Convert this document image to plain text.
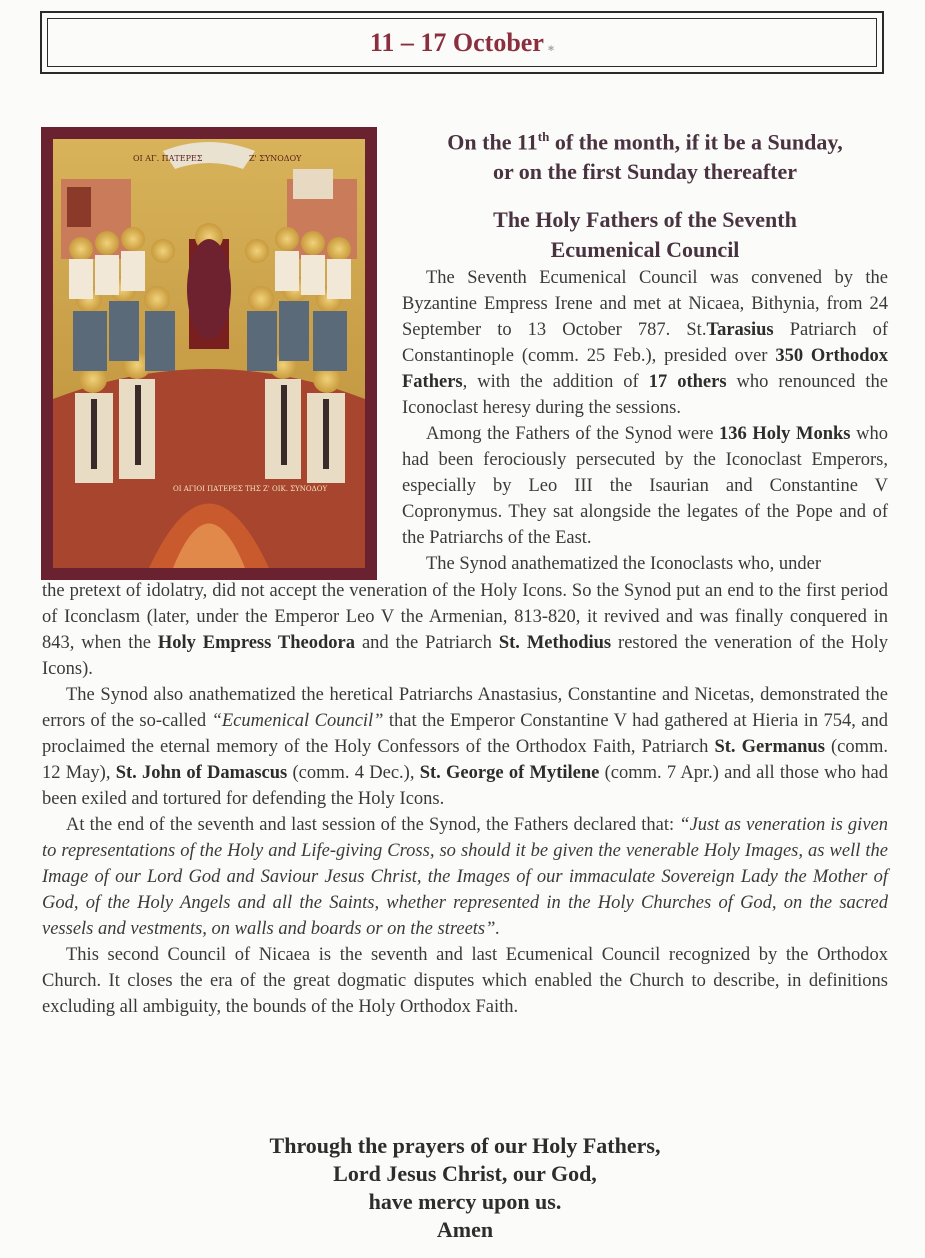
11 – 17 October ⁎
ΟΙ ΑΓ. ΠΑΤΕΡΕΣ	Ζ' ΣΥΝΟΔΟΥ
ΟΙ ΑΓΙΟΙ ΠΑΤΕΡΕΣ ΤΗΣ Ζ' ΟΙΚ. ΣΥΝΟΔΟΥ

On the 11th of the month, if it be a Sunday,
or on the first Sunday thereafter

The Holy Fathers of the Seventh
Ecumenical Council

The Seventh Ecumenical Council was convened by the Byzantine Empress Irene and met at Nicaea, Bithynia, from 24 September to 13 October 787. St.Tarasius Patriarch of Constantinople (comm. 25 Feb.), presided over 350 Orthodox Fathers, with the addition of 17 others who renounced the Iconoclast heresy during the sessions.

Among the Fathers of the Synod were 136 Holy Monks who had been ferociously persecuted by the Iconoclast Emperors, especially by Leo III the Isaurian and Constantine V Copronymus. They sat alongside the legates of the Pope and of the Patriarchs of the East.

The Synod anathematized the Iconoclasts who, under

the pretext of idolatry, did not accept the veneration of the Holy Icons. So the Synod put an end to the first period of Iconclasm (later, under the Emperor Leo V the Armenian, 813-820, it revived and was finally conquered in 843, when the Holy Empress Theodora and the Patriarch St. Methodius restored the veneration of the Holy Icons).

The Synod also anathematized the heretical Patriarchs Anastasius, Constantine and Nicetas, demonstrated the errors of the so-called “Ecumenical Council” that the Emperor Constantine V had gathered at Hieria in 754, and proclaimed the eternal memory of the Holy Confessors of the Orthodox Faith, Patriarch St. Germanus (comm. 12 May), St. John of Damascus (comm. 4 Dec.), St. George of Mytilene (comm. 7 Apr.) and all those who had been exiled and tortured for defending the Holy Icons.

At the end of the seventh and last session of the Synod, the Fathers declared that: “Just as veneration is given to representations of the Holy and Life-giving Cross, so should it be given the venerable Holy Images, as well the Image of our Lord God and Saviour Jesus Christ, the Images of our immaculate Sovereign Lady the Mother of God, of the Holy Angels and all the Saints, whether represented in the Holy Churches of God, on the sacred vessels and vestments, on walls and boards or on the streets”.

This second Council of Nicaea is the seventh and last Ecumenical Council recognized by the Orthodox Church. It closes the era of the great dogmatic disputes which enabled the Church to describe, in definitions excluding all ambiguity, the bounds of the Holy Orthodox Faith.

Through the prayers of our Holy Fathers,
Lord Jesus Christ, our God,
have mercy upon us.
Amen
